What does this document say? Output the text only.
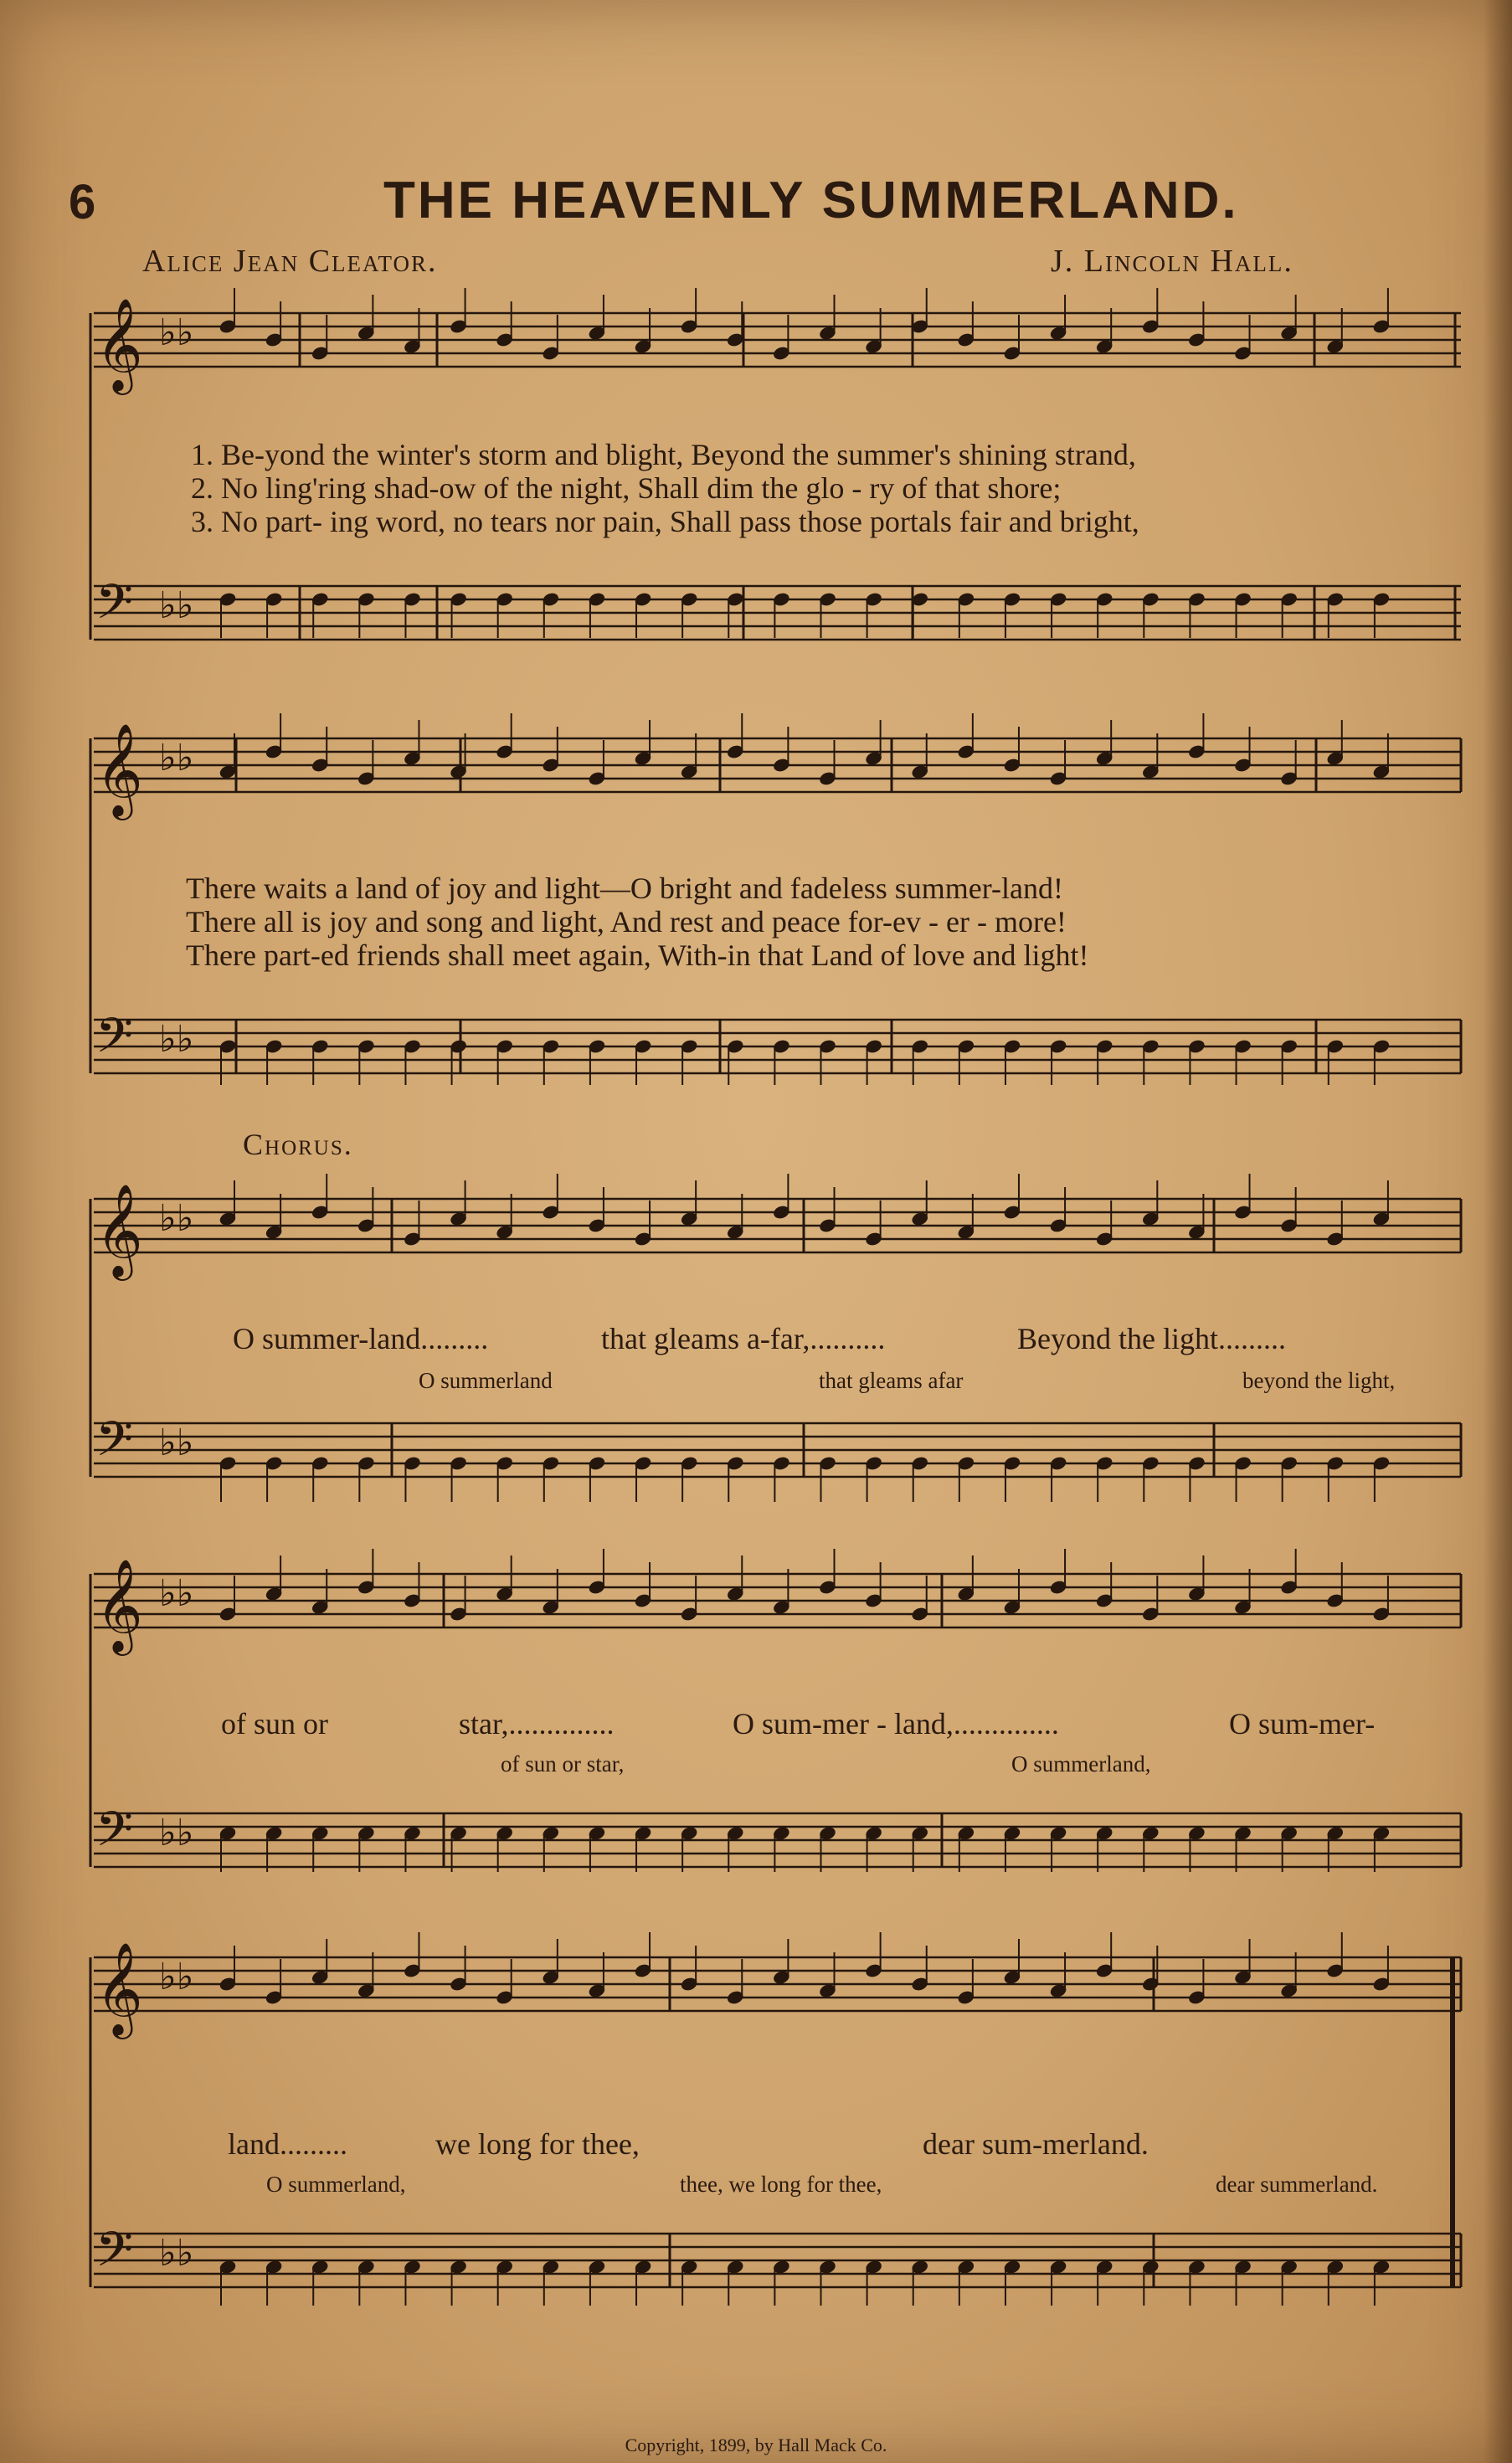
6	THE HEAVENLY SUMMERLAND.
Alice Jean Cleator.	J. Lincoln Hall.
𝄞 ♭♭
𝄢 ♭♭
𝄞 ♭♭
𝄢 ♭♭
𝄞 ♭♭
𝄢 ♭♭
𝄞 ♭♭
𝄢 ♭♭
𝄞 ♭♭
𝄢 ♭♭
1. Be-yond the winter's storm and blight, Beyond the summer's shining strand,
2. No ling'ring shad-ow of the night, Shall dim the glo - ry of that shore;
3. No part- ing word, no tears nor pain, Shall pass those portals fair and bright,
There waits a land of joy and light—O bright and fadeless summer-land!
There all is joy and song and light, And rest and peace for-ev - er - more!
There part-ed friends shall meet again, With-in that Land of love and light!
Chorus.
O summer-land.........	that gleams a-far,..........	Beyond the light.........
O summerland	that gleams afar	beyond the light,
of sun or	star,..............	O sum-mer - land,..............	O sum-mer-
of sun or star,	O summerland,
land.........	we long for thee,	dear sum-merland.
O summerland,	thee, we long for thee,	dear summerland.
Copyright, 1899, by Hall Mack Co.
